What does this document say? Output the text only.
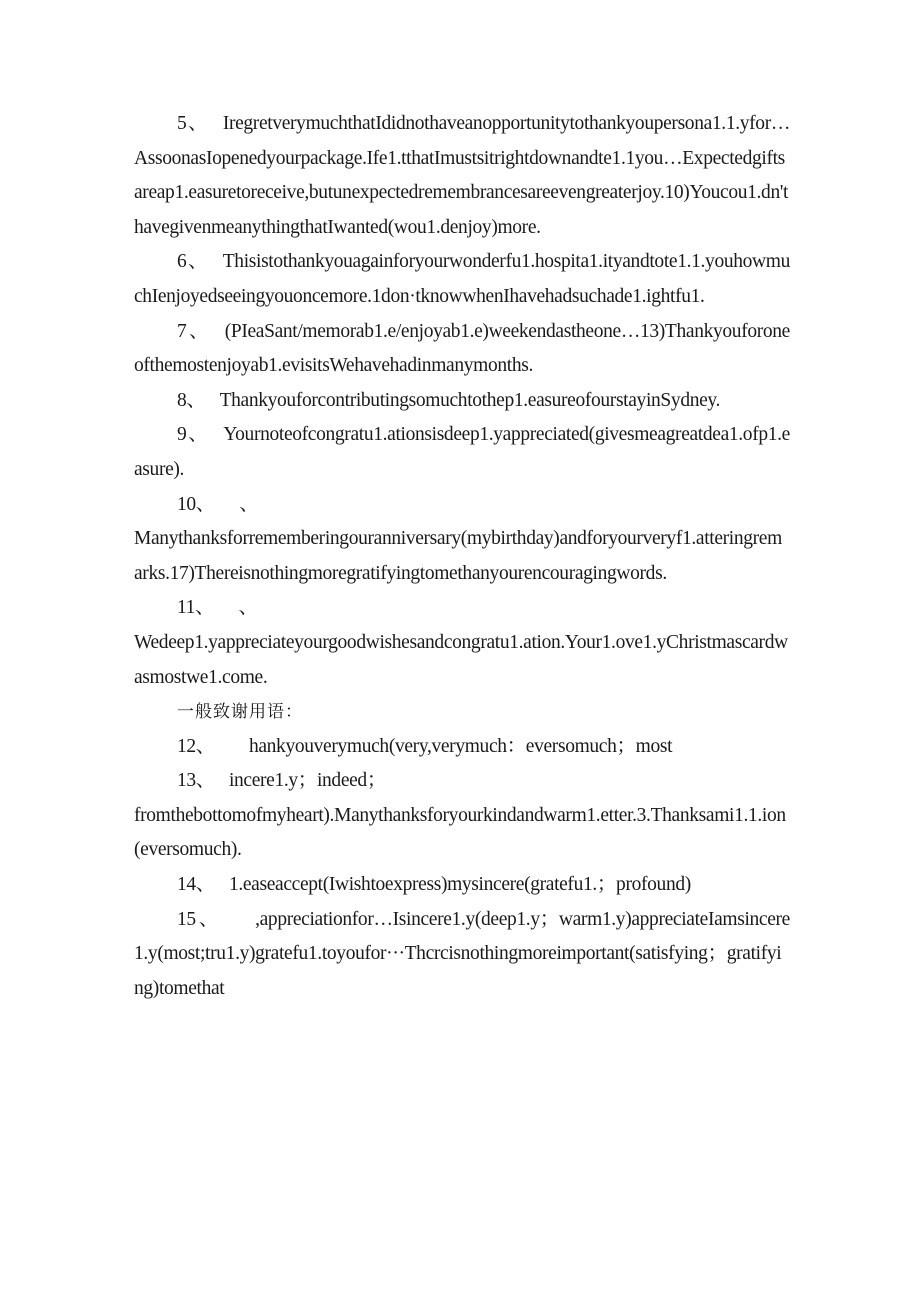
5、 IregretverymuchthatIdidnothaveanopportunitytothankyoupersona1.1.yfor…AssoonasIopenedyourpackage.Ife1.tthatImustsitrightdownandte1.1you…Expectedgiftsareap1.easuretoreceive,butunexpectedremembrancesareevengreaterjoy.10)Youcou1.dn'thavegivenmeanythingthatIwanted(wou1.denjoy)more.

6、 Thisistothankyouagainforyourwonderfu1.hospita1.ityandtote1.1.youhowmuchIenjoyedseeingyouoncemore.1don·tknowwhenIhavehadsuchade1.ightfu1.

7、 (PIeaSant/memorab1.e/enjoyab1.e)weekendastheone…13)Thankyouforoneofthemostenjoyab1.evisitsWehavehadinmanymonths.

8、 Thankyouforcontributingsomuchtothep1.easureofourstayinSydney.

9、 Yournoteofcongratu1.ationsisdeep1.yappreciated(givesmeagreatdea1.ofp1.easure).

10、 、
Manythanksforrememberingouranniversary(mybirthday)andforyourveryf1.atteringremarks.17)Thereisnothingmoregratifyingtomethanyourencouragingwords.

11、 、
Wedeep1.yappreciateyourgoodwishesandcongratu1.ation.Your1.ove1.yChristmascardwasmostwe1.come.

一般致谢用语：

12、 hankyouverymuch(very,verymuch：eversomuch；most

13、 incere1.y；indeed；
fromthebottomofmyheart).Manythanksforyourkindandwarm1.etter.3.Thanksami1.1.ion(eversomuch).

14、 1.easeaccept(Iwishtoexpress)mysincere(gratefu1.；profound)

15、 ,appreciationfor…Isincere1.y(deep1.y；warm1.y)appreciateIamsincere1.y(most;tru1.y)gratefu1.toyoufor···Thcrcisnothingmoreimportant(satisfying；gratifying)tomethat
